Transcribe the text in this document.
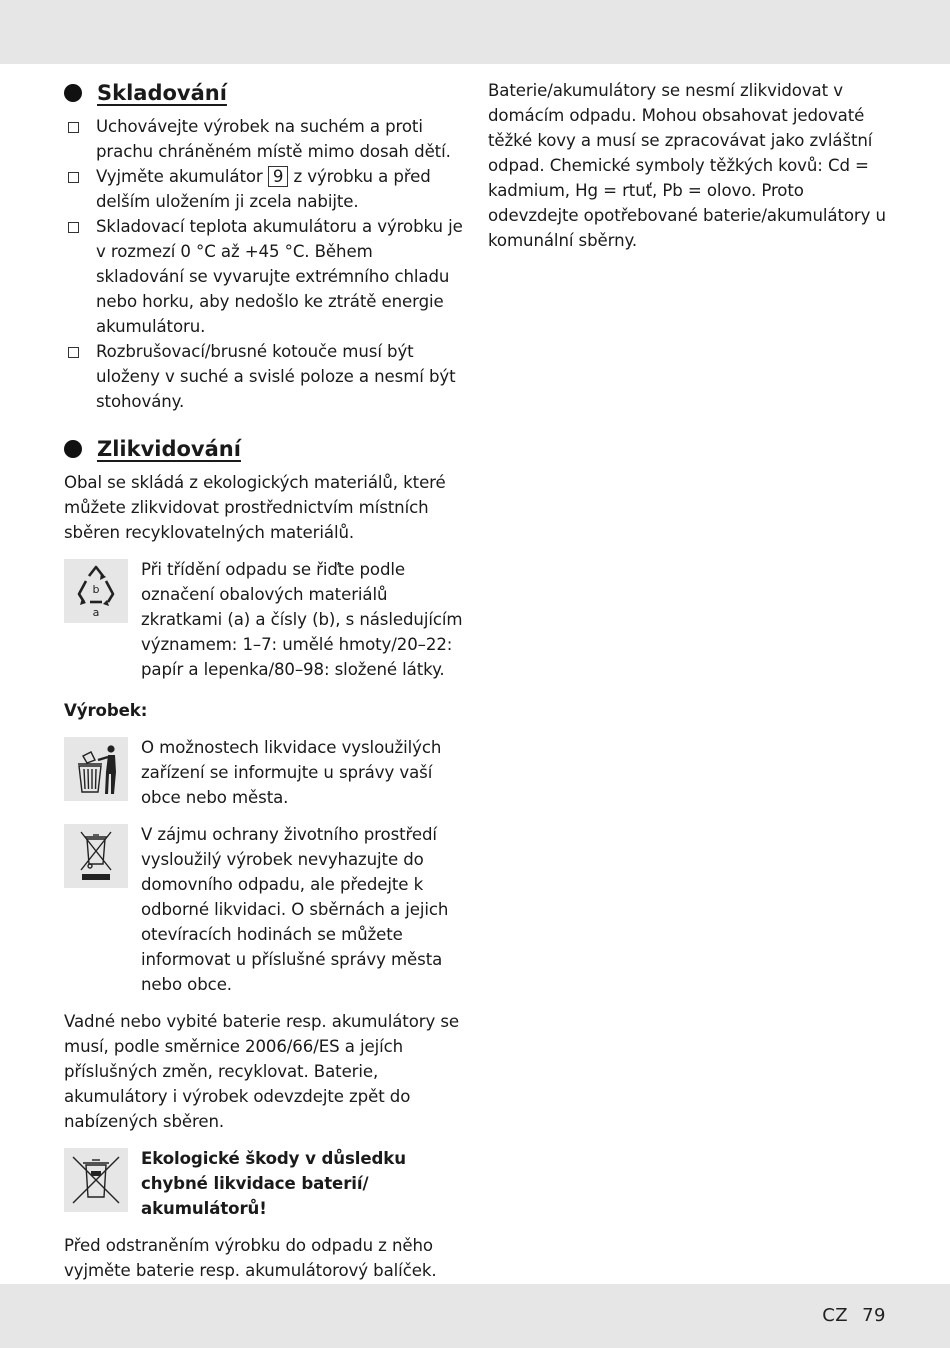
Skladování
Uchovávejte výrobek na suchém a proti prachu chráněném místě mimo dosah dětí.
Vyjměte akumulátor 9 z výrobku a před delším uložením ji zcela nabijte.
Skladovací teplota akumulátoru a výrobku je v rozmezí 0 °C až +45 °C. Během skladování se vyvarujte extrémního chladu nebo horku, aby nedošlo ke ztrátě energie akumulátoru.
Rozbrušovací/brusné kotouče musí být uloženy v suché a svislé poloze a nesmí být stohovány.
Zlikvidování

Obal se skládá z ekologických materiálů, které můžete zlikvidovat prostřednictvím místních sběren recyklovatelných materiálů.

b
a

Při třídění odpadu se řiďte podle označení obalových materiálů zkratkami (a) a čísly (b), s následujícím významem: 1–7: umělé hmoty/20–22: papír a lepenka/80–98: složené látky.

Výrobek:

O možnostech likvidace vysloužilých zařízení se informujte u správy vaší obce nebo města.

V zájmu ochrany životního prostředí vysloužilý výrobek nevyhazujte do domovního odpadu, ale předejte k odborné likvidaci. O sběrnách a jejich otevíracích hodinách se můžete informovat u příslušné správy města nebo obce.

Vadné nebo vybité baterie resp. akumulátory se musí, podle směrnice 2006/66/ES a jejích příslušných změn, recyklovat. Baterie, akumulátory i výrobek odevzdejte zpět do nabízených sběren.

Ekologické škody v důsledku chybné likvidace baterií/ akumulátorů!

Před odstraněním výrobku do odpadu z něho vyjměte baterie resp. akumulátorový balíček.

Baterie/akumulátory se nesmí zlikvidovat v domácím odpadu. Mohou obsahovat jedovaté těžké kovy a musí se zpracovávat jako zvláštní odpad. Chemické symboly těžkých kovů: Cd = kadmium, Hg = rtuť, Pb = olovo. Proto odevzdejte opotřebované baterie/akumulátory u komunální sběrny.

CZ 79
